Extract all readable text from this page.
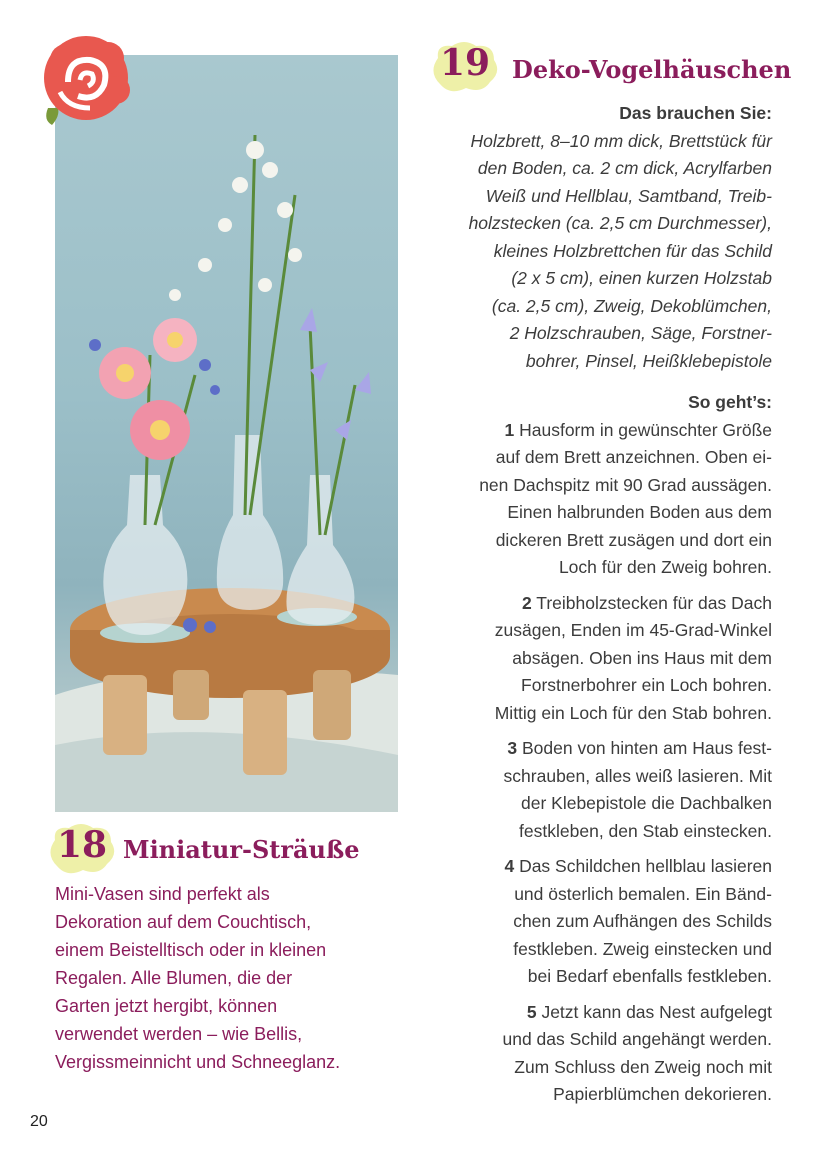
19 Deko-Vogelhäuschen
Das brauchen Sie:
Holzbrett, 8–10 mm dick, Brettstück für
den Boden, ca. 2 cm dick, Acrylfarben
Weiß und Hellblau, Samtband, Treib-
holzstecken (ca. 2,5 cm Durchmesser),
kleines Holzbrettchen für das Schild
(2 x 5 cm), einen kurzen Holzstab
(ca. 2,5 cm), Zweig, Dekoblümchen,
2 Holzschrauben, Säge, Forstner-
bohrer, Pinsel, Heißklebepistole
So geht’s:
1 Hausform in gewünschter Größe
auf dem Brett anzeichnen. Oben ei-
nen Dachspitz mit 90 Grad aussägen.
Einen halbrunden Boden aus dem
dickeren Brett zusägen und dort ein
Loch für den Zweig bohren.
2 Treibholzstecken für das Dach
zusägen, Enden im 45-Grad-Winkel
absägen. Oben ins Haus mit dem
Forstnerbohrer ein Loch bohren.
Mittig ein Loch für den Stab bohren.
3 Boden von hinten am Haus fest-
schrauben, alles weiß lasieren. Mit
der Klebepistole die Dachbalken
festkleben, den Stab einstecken.
4 Das Schildchen hellblau lasieren
und österlich bemalen. Ein Bänd-
chen zum Aufhängen des Schilds
festkleben. Zweig einstecken und
bei Bedarf ebenfalls festkleben.
5 Jetzt kann das Nest aufgelegt
und das Schild angehängt werden.
Zum Schluss den Zweig noch mit
Papierblümchen dekorieren.
18 Miniatur-Sträuße
Mini-Vasen sind perfekt als
Dekoration auf dem Couchtisch,
einem Beistelltisch oder in kleinen
Regalen. Alle Blumen, die der
Garten jetzt hergibt, können
verwendet werden – wie Bellis,
Vergissmeinnicht und Schneeglanz.
20
